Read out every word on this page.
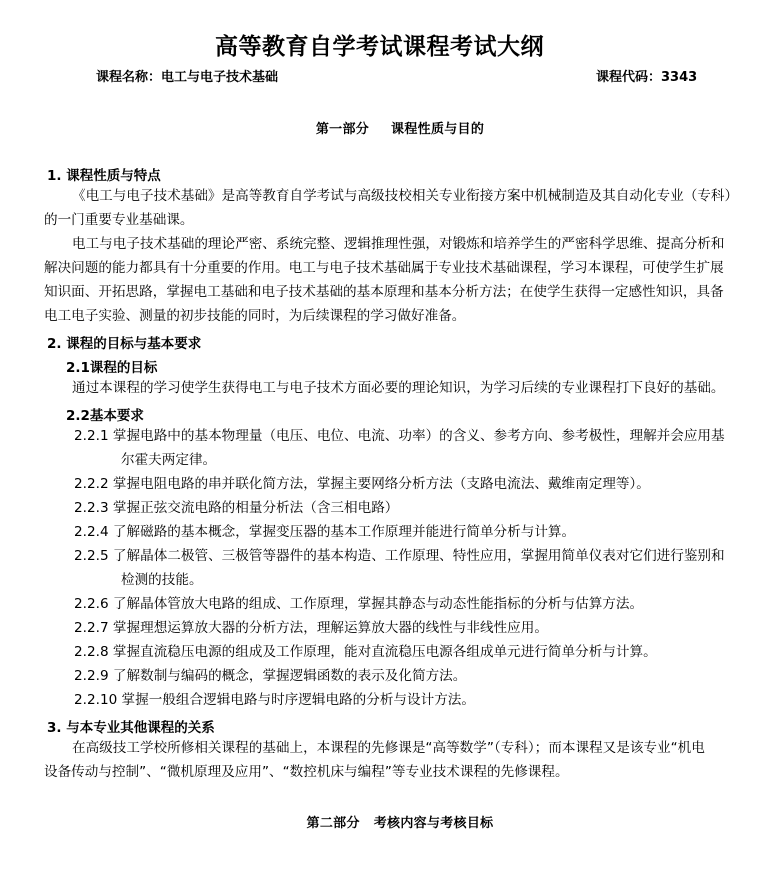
高等教育自学考试课程考试大纲
课程名称：电工与电子技术基础	课程代码：3343
第一部分 课程性质与目的
1. 课程性质与特点
《电工与电子技术基础》是高等教育自学考试与高级技校相关专业衔接方案中机械制造及其自动化专业（专科）
的一门重要专业基础课。
电工与电子技术基础的理论严密、系统完整、逻辑推理性强，对锻炼和培养学生的严密科学思维、提高分析和
解决问题的能力都具有十分重要的作用。电工与电子技术基础属于专业技术基础课程，学习本课程，可使学生扩展
知识面、开拓思路，掌握电工基础和电子技术基础的基本原理和基本分析方法；在使学生获得一定感性知识，具备
电工电子实验、测量的初步技能的同时，为后续课程的学习做好准备。
2. 课程的目标与基本要求
2.1课程的目标
通过本课程的学习使学生获得电工与电子技术方面必要的理论知识，为学习后续的专业课程打下良好的基础。
2.2基本要求
2.2.1 掌握电路中的基本物理量（电压、电位、电流、功率）的含义、参考方向、参考极性，理解并会应用基
尔霍夫两定律。
2.2.2 掌握电阻电路的串并联化简方法，掌握主要网络分析方法（支路电流法、戴维南定理等）。
2.2.3 掌握正弦交流电路的相量分析法（含三相电路）
2.2.4 了解磁路的基本概念，掌握变压器的基本工作原理并能进行简单分析与计算。
2.2.5 了解晶体二极管、三极管等器件的基本构造、工作原理、特性应用，掌握用简单仪表对它们进行鉴别和
检测的技能。
2.2.6 了解晶体管放大电路的组成、工作原理，掌握其静态与动态性能指标的分析与估算方法。
2.2.7 掌握理想运算放大器的分析方法，理解运算放大器的线性与非线性应用。
2.2.8 掌握直流稳压电源的组成及工作原理，能对直流稳压电源各组成单元进行简单分析与计算。
2.2.9 了解数制与编码的概念，掌握逻辑函数的表示及化简方法。
2.2.10 掌握一般组合逻辑电路与时序逻辑电路的分析与设计方法。
3. 与本专业其他课程的关系
在高级技工学校所修相关课程的基础上，本课程的先修课是“高等数学”（专科）；而本课程又是该专业“机电
设备传动与控制”、“微机原理及应用”、“数控机床与编程”等专业技术课程的先修课程。
第二部分 考核内容与考核目标
